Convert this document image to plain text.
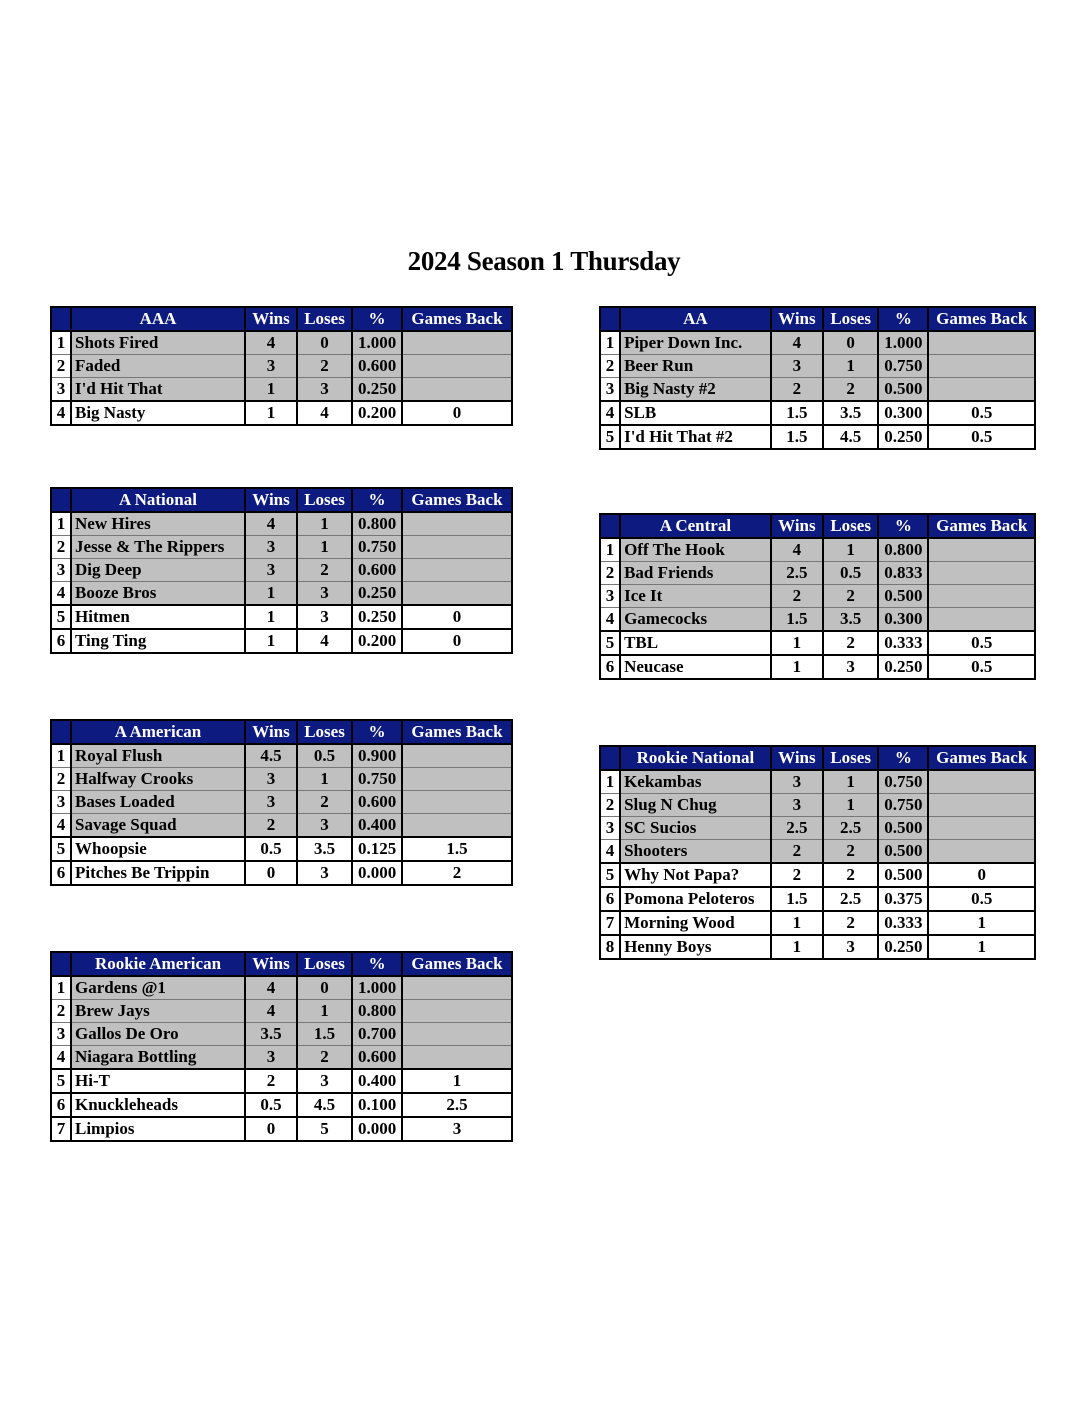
2024 Season 1 Thursday
	AAA	Wins	Loses	%	Games Back
1	Shots Fired	4	0	1.000	
2	Faded	3	2	0.600	
3	I'd Hit That	1	3	0.250	
4	Big Nasty	1	4	0.200	0
	A National	Wins	Loses	%	Games Back
1	New Hires	4	1	0.800	
2	Jesse & The Rippers	3	1	0.750	
3	Dig Deep	3	2	0.600	
4	Booze Bros	1	3	0.250	
5	Hitmen	1	3	0.250	0
6	Ting Ting	1	4	0.200	0
	A American	Wins	Loses	%	Games Back
1	Royal Flush	4.5	0.5	0.900	
2	Halfway Crooks	3	1	0.750	
3	Bases Loaded	3	2	0.600	
4	Savage Squad	2	3	0.400	
5	Whoopsie	0.5	3.5	0.125	1.5
6	Pitches Be Trippin	0	3	0.000	2
	Rookie American	Wins	Loses	%	Games Back
1	Gardens @1	4	0	1.000	
2	Brew Jays	4	1	0.800	
3	Gallos De Oro	3.5	1.5	0.700	
4	Niagara Bottling	3	2	0.600	
5	Hi-T	2	3	0.400	1
6	Knuckleheads	0.5	4.5	0.100	2.5
7	Limpios	0	5	0.000	3
	AA	Wins	Loses	%	Games Back
1	Piper Down Inc.	4	0	1.000	
2	Beer Run	3	1	0.750	
3	Big Nasty #2	2	2	0.500	
4	SLB	1.5	3.5	0.300	0.5
5	I'd Hit That #2	1.5	4.5	0.250	0.5
	A Central	Wins	Loses	%	Games Back
1	Off The Hook	4	1	0.800	
2	Bad Friends	2.5	0.5	0.833	
3	Ice It	2	2	0.500	
4	Gamecocks	1.5	3.5	0.300	
5	TBL	1	2	0.333	0.5
6	Neucase	1	3	0.250	0.5
	Rookie National	Wins	Loses	%	Games Back
1	Kekambas	3	1	0.750	
2	Slug N Chug	3	1	0.750	
3	SC Sucios	2.5	2.5	0.500	
4	Shooters	2	2	0.500	
5	Why Not Papa?	2	2	0.500	0
6	Pomona Peloteros	1.5	2.5	0.375	0.5
7	Morning Wood	1	2	0.333	1
8	Henny Boys	1	3	0.250	1
